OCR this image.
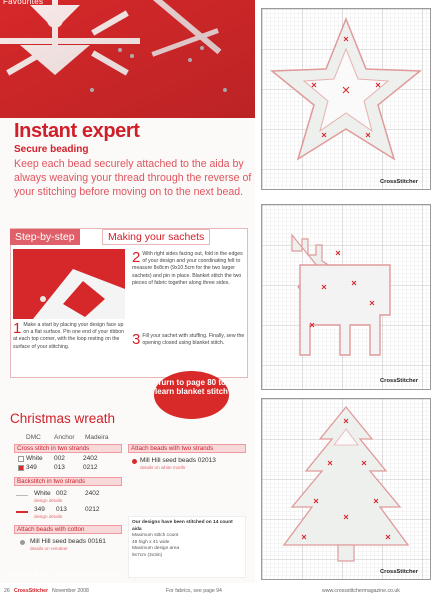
Favourites
Instant expert
Secure beading
Keep each bead securely attached to the aida by always weaving your thread through the reverse of your stitching before moving on to the next bead.
Step-by-step	Making your sachets
1 Make a start by placing your design face up on a flat surface. Pin one end of your ribbon at each top corner, with the loop resting on the surface of your stitching.
2 With right sides facing out, fold in the edges of your design and your coordinating felt to measure 8x8cm (9x10.5cm for the two larger sachets) and pin in place. Blanket stitch the two pieces of fabric together along three sides.
3 Fill your sachet with stuffing. Finally, sew the opening closed using blanket stitch.
Turn to page 80 to learn blanket stitch
Christmas wreath
DMC Anchor Madeira
Cross stitch in two strands
White 002	2402
349	013	0212
Backstitch in two strands
White 002	2402
design details
349 013	0212
design details
Attach beads with cotton
Mill Hill seed beads 00161
details on reindeer
Attach beads with two strands
Mill Hill seed beads 02013
details on white motifs
Our designs have been stitched on 14 count aida
Maximum stitch count
49 high x 41 wide
Maximum design area
9x7cm (3x3in)
CrossStitcher
CrossStitcher
CrossStitcher
uploaded by: www.aidamoon.com
26 CrossStitcher November 2008	For fabrics, see page 94	www.crossstitchermagazine.co.uk
